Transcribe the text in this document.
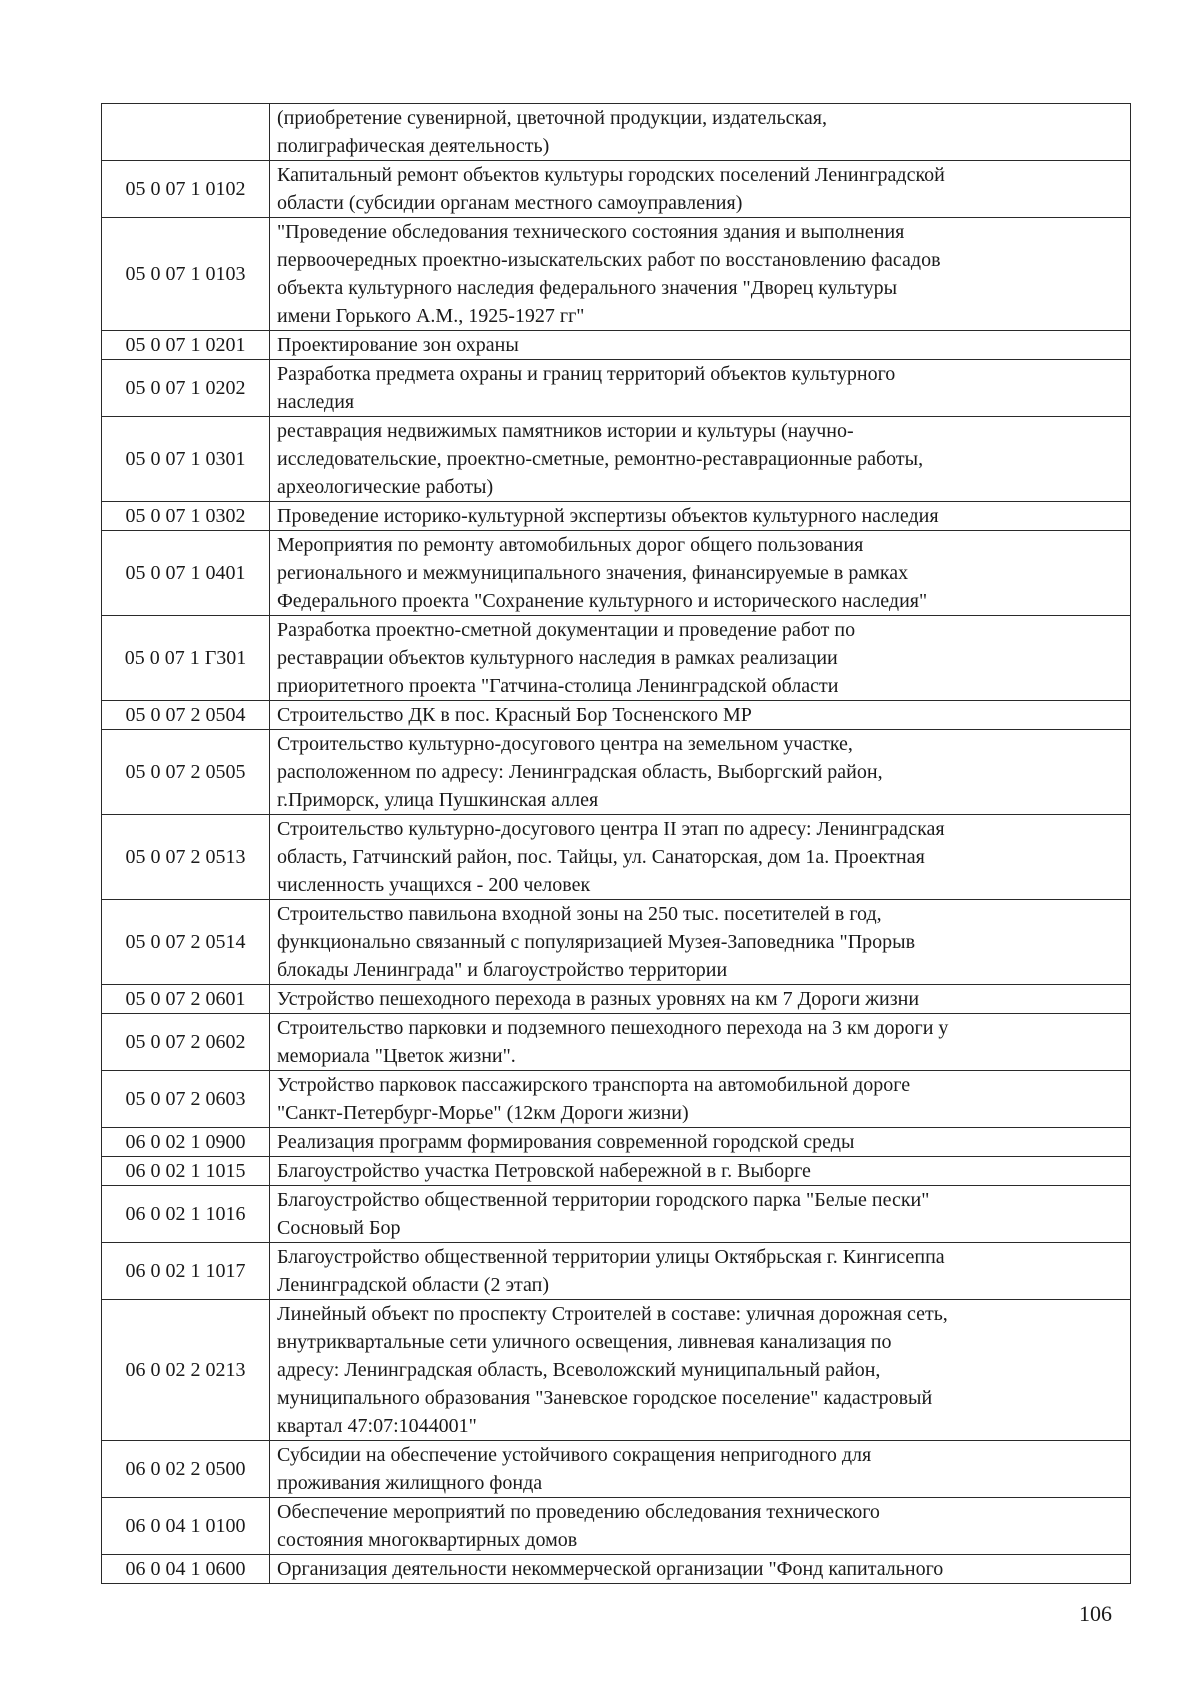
	(приобретение сувенирной, цветочной продукции, издательская,
полиграфическая деятельность)
05 0 07 1 0102	Капитальный ремонт объектов культуры городских поселений Ленинградской
области (субсидии органам местного самоуправления)
05 0 07 1 0103	"Проведение обследования технического состояния здания и выполнения
первоочередных проектно-изыскательских работ по восстановлению фасадов
объекта культурного наследия федерального значения "Дворец культуры
имени Горького А.М., 1925-1927 гг"
05 0 07 1 0201	Проектирование зон охраны
05 0 07 1 0202	Разработка предмета охраны и границ территорий объектов культурного
наследия
05 0 07 1 0301	реставрация недвижимых памятников истории и культуры (научно-
исследовательские, проектно-сметные, ремонтно-реставрационные работы,
археологические работы)
05 0 07 1 0302	Проведение историко-культурной экспертизы объектов культурного наследия
05 0 07 1 0401	Мероприятия по ремонту автомобильных дорог общего пользования
регионального и межмуниципального значения, финансируемые в рамках
Федерального проекта "Сохранение культурного и исторического наследия"
05 0 07 1 Г301	Разработка проектно-сметной документации и проведение работ по
реставрации объектов культурного наследия в рамках реализации
приоритетного проекта "Гатчина-столица Ленинградской области
05 0 07 2 0504	Строительство ДК в пос. Красный Бор Тосненского МР
05 0 07 2 0505	Строительство культурно-досугового центра на земельном участке,
расположенном по адресу: Ленинградская область, Выборгский район,
г.Приморск, улица Пушкинская аллея
05 0 07 2 0513	Строительство культурно-досугового центра II этап по адресу: Ленинградская
область, Гатчинский район, пос. Тайцы, ул. Санаторская, дом 1а. Проектная
численность учащихся - 200 человек
05 0 07 2 0514	Строительство павильона входной зоны на 250 тыс. посетителей в год,
функционально связанный с популяризацией Музея-Заповедника "Прорыв
блокады Ленинграда" и благоустройство территории
05 0 07 2 0601	Устройство пешеходного перехода в разных уровнях на км 7 Дороги жизни
05 0 07 2 0602	Строительство парковки и подземного пешеходного перехода на 3 км дороги у
мемориала "Цветок жизни".
05 0 07 2 0603	Устройство парковок пассажирского транспорта на автомобильной дороге
"Санкт-Петербург-Морье" (12км Дороги жизни)
06 0 02 1 0900	Реализация программ формирования современной городской среды
06 0 02 1 1015	Благоустройство участка Петровской набережной в г. Выборге
06 0 02 1 1016	Благоустройство общественной территории городского парка "Белые пески"
Сосновый Бор
06 0 02 1 1017	Благоустройство общественной территории улицы Октябрьская г. Кингисеппа
Ленинградской области (2 этап)
06 0 02 2 0213	Линейный объект по проспекту Строителей в составе: уличная дорожная сеть,
внутриквартальные сети уличного освещения, ливневая канализация по
адресу: Ленинградская область, Всеволожский муниципальный район,
муниципального образования "Заневское городское поселение" кадастровый
квартал 47:07:1044001"
06 0 02 2 0500	Субсидии на обеспечение устойчивого сокращения непригодного для
проживания жилищного фонда
06 0 04 1 0100	Обеспечение мероприятий по проведению обследования технического
состояния многоквартирных домов
06 0 04 1 0600	Организация деятельности некоммерческой организации "Фонд капитального
106
